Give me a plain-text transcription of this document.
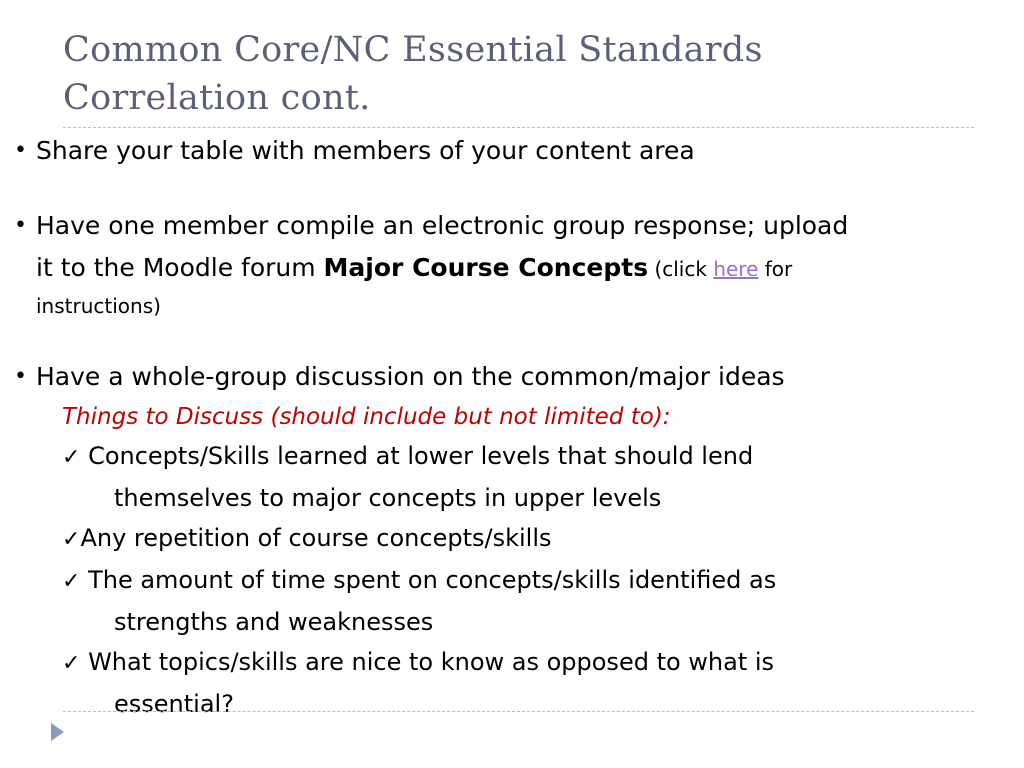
Common Core/NC Essential Standards
Correlation cont.
• Share your table with members of your content area
• Have one member compile an electronic group response; upload
it to the Moodle forum Major Course Concepts (click here for
instructions)
• Have a whole-group discussion on the common/major ideas
Things to Discuss (should include but not limited to):
✓ Concepts/Skills learned at lower levels that should lend
themselves to major concepts in upper levels
✓Any repetition of course concepts/skills
✓ The amount of time spent on concepts/skills identified as
strengths and weaknesses
✓ What topics/skills are nice to know as opposed to what is
essential?
